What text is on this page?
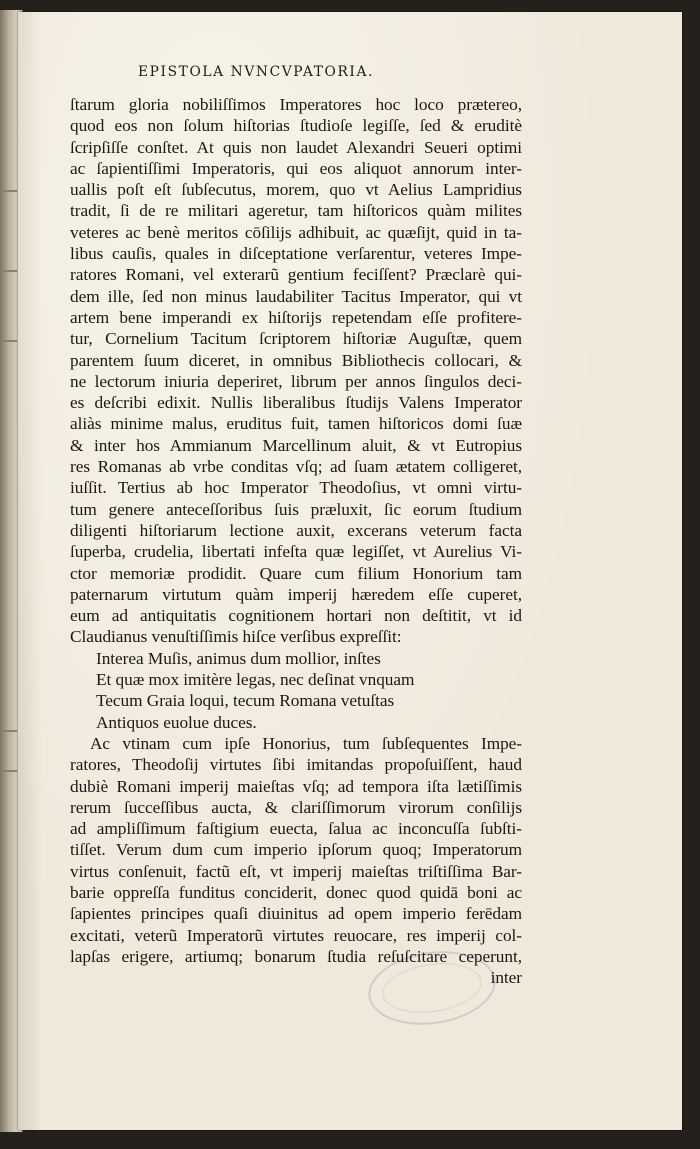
EPISTOLA NVNCVPATORIA.
ſtarum gloria nobiliſſimos Imperatores hoc loco prætereo,
quod eos non ſolum hiſtorias ſtudioſe legiſſe, ſed & eruditè
ſcripſiſſe conſtet. At quis non laudet Alexandri Seueri optimi
ac ſapientiſſimi Imperatoris, qui eos aliquot annorum inter-
uallis poſt eſt ſubſecutus, morem, quo vt Aelius Lampridius
tradit, ſi de re militari ageretur, tam hiſtoricos quàm milites
veteres ac benè meritos cōſilijs adhibuit, ac quæſijt, quid in ta-
libus cauſis, quales in diſceptatione verſarentur, veteres Impe-
ratores Romani, vel exterarũ gentium feciſſent? Præclarè qui-
dem ille, ſed non minus laudabiliter Tacitus Imperator, qui vt
artem bene imperandi ex hiſtorijs repetendam eſſe profitere-
tur, Cornelium Tacitum ſcriptorem hiſtoriæ Auguſtæ, quem
parentem ſuum diceret, in omnibus Bibliothecis collocari, &
ne lectorum iniuria deperiret, librum per annos ſingulos deci-
es deſcribi edixit. Nullis liberalibus ſtudijs Valens Imperator
aliàs minime malus, eruditus fuit, tamen hiſtoricos domi ſuæ
& inter hos Ammianum Marcellinum aluit, & vt Eutropius
res Romanas ab vrbe conditas vſq; ad ſuam ætatem colligeret,
iuſſit. Tertius ab hoc Imperator Theodoſius, vt omni virtu-
tum genere anteceſſoribus ſuis præluxit, ſic eorum ſtudium
diligenti hiſtoriarum lectione auxit, excerans veterum facta
ſuperba, crudelia, libertati infeſta quæ legiſſet, vt Aurelius Vi-
ctor memoriæ prodidit. Quare cum filium Honorium tam
paternarum virtutum quàm imperij hæredem eſſe cuperet,
eum ad antiquitatis cognitionem hortari non deſtitit, vt id
Claudianus venuſtiſſimis hiſce verſibus expreſſit:
Interea Muſis, animus dum mollior, inſtes
Et quæ mox imitère legas, nec deſinat vnquam
Tecum Graia loqui, tecum Romana vetuſtas
Antiquos euolue duces.
Ac vtinam cum ipſe Honorius, tum ſubſequentes Impe-
ratores, Theodoſij virtutes ſibi imitandas propoſuiſſent, haud
dubiè Romani imperij maieſtas vſq; ad tempora iſta lætiſſimis
rerum ſucceſſibus aucta, & clariſſimorum virorum conſilijs
ad ampliſſimum faſtigium euecta, ſalua ac inconcuſſa ſubſti-
tiſſet. Verum dum cum imperio ipſorum quoq; Imperatorum
virtus conſenuit, factũ eſt, vt imperij maieſtas triſtiſſima Bar-
barie oppreſſa funditus conciderit, donec quod quidā boni ac
ſapientes principes quaſi diuinitus ad opem imperio ferēdam
excitati, veterũ Imperatorũ virtutes reuocare, res imperij col-
lapſas erigere, artiumq; bonarum ſtudia reſuſcitare ceperunt,
inter
